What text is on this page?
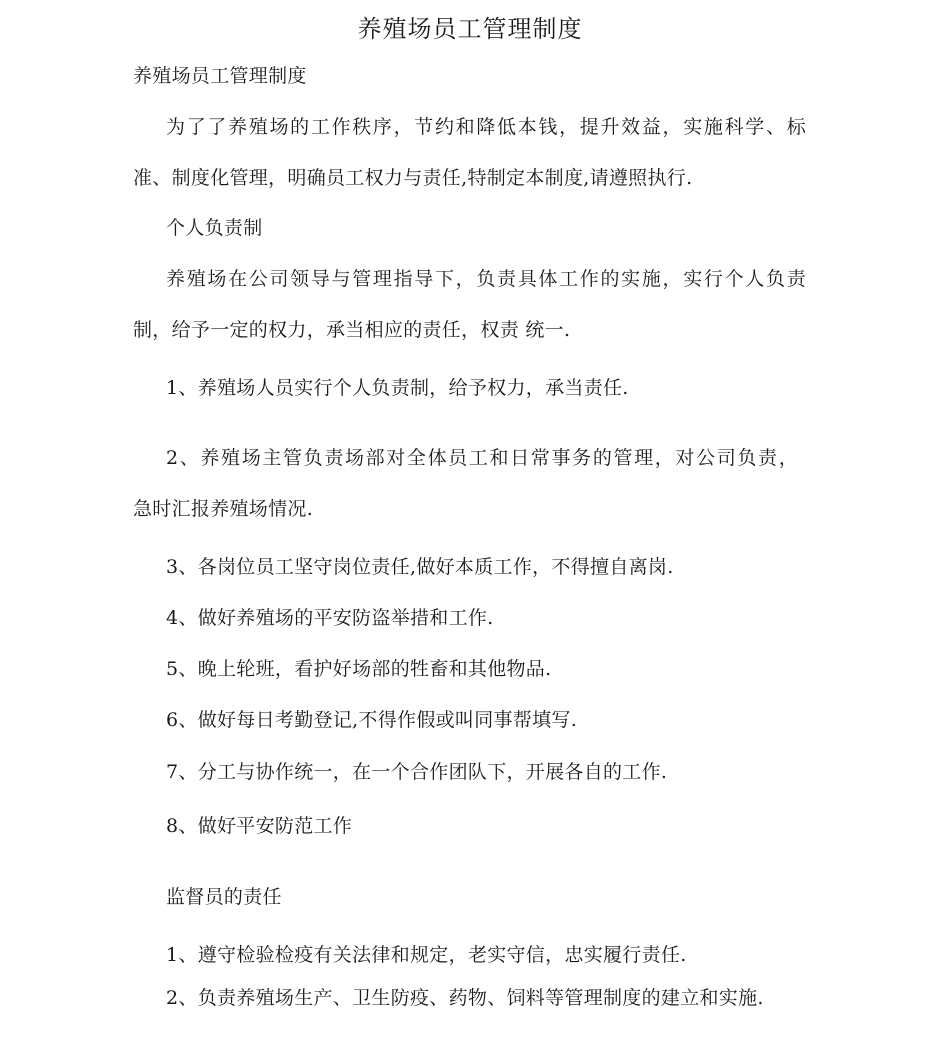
养殖场员工管理制度
养殖场员工管理制度
为了了养殖场的工作秩序，节约和降低本钱，提升效益，实施科学、标
准、制度化管理，明确员工权力与责任,特制定本制度,请遵照执行.
个人负责制
养殖场在公司领导与管理指导下，负责具体工作的实施，实行个人负责
制，给予一定的权力，承当相应的责任，权责 统一.
1、养殖场人员实行个人负责制，给予权力，承当责任.
2、养殖场主管负责场部对全体员工和日常事务的管理，对公司负责，
急时汇报养殖场情况.
3、各岗位员工坚守岗位责任,做好本质工作，不得擅自离岗.
4、做好养殖场的平安防盗举措和工作.
5、晚上轮班，看护好场部的牲畜和其他物品.
6、做好每日考勤登记,不得作假或叫同事帮填写.
7、分工与协作统一，在一个合作团队下，开展各自的工作.
8、做好平安防范工作
监督员的责任
1、遵守检验检疫有关法律和规定，老实守信，忠实履行责任.
2、负责养殖场生产、卫生防疫、药物、饲料等管理制度的建立和实施.
